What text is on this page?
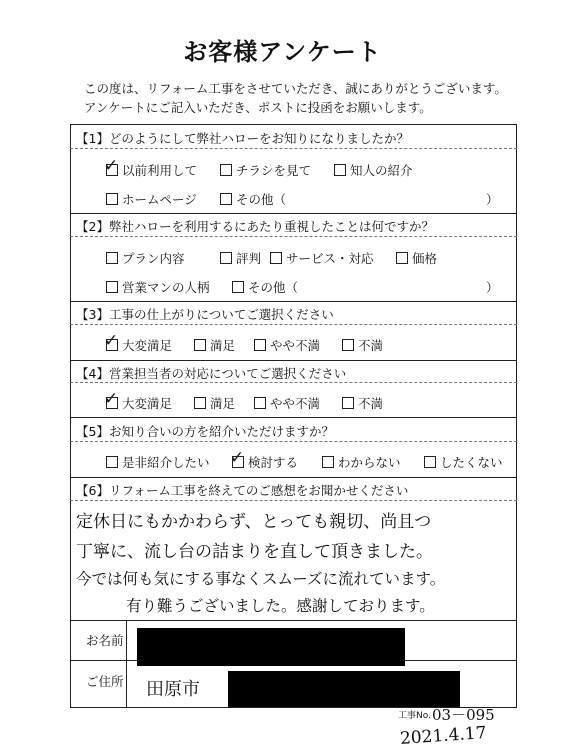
お客様アンケート
この度は、リフォーム工事をさせていただき、誠にありがとうございます。
アンケートにご記入いただき、ポストに投函をお願いします。
【1】どのようにして弊社ハローをお知りになりましたか？
✓
以前利用して	チラシを見て	知人の紹介
ホームページ	その他（	）
【2】弊社ハローを利用するにあたり重視したことは何ですか？
プラン内容	評判 サービス・対応	価格
営業マンの人柄	その他（	）
【3】工事の仕上がりについてご選択ください
✓
大変満足	満足	やや不満	不満
【4】営業担当者の対応についてご選択ください
✓
大変満足	満足	やや不満	不満
【5】お知り合いの方を紹介いただけますか？
是非紹介したい
✓	検討する	わからない	したくない
【6】リフォーム工事を終えてのご感想をお聞かせください
定休日にもかかわらず、とっても親切、尚且つ
丁寧に、流し台の詰まりを直して頂きました。
今では何も気にする事なくスムーズに流れています。
有り難うございました。感謝しております。
お名前
ご住所 田原市
工事No. 03－095
2021.4.17
